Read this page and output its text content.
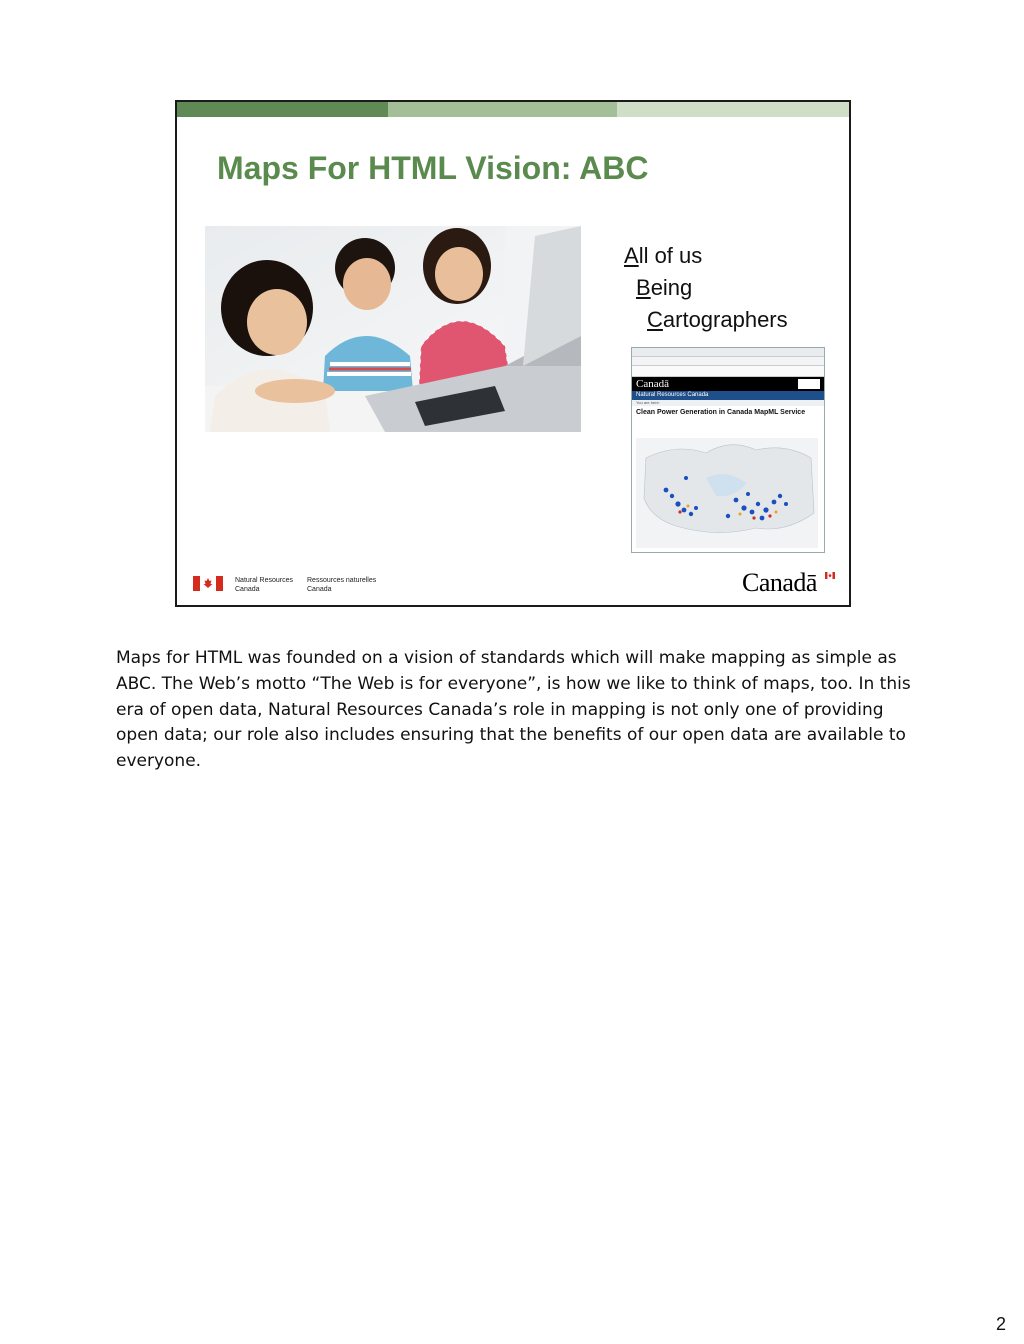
Maps For HTML Vision: ABC
All of us
Being
Cartographers
Canadā
Natural Resources Canada
You are here:
Clean Power Generation in Canada MapML Service
Natural Resources
Canada
Ressources naturelles
Canada	Canadā

Maps for HTML was founded on a vision of standards which will make mapping as simple as ABC. The Web’s motto “The Web is for everyone”, is how we like to think of maps, too. In this era of open data, Natural Resources Canada’s role in mapping is not only one of providing open data; our role also includes ensuring that the benefits of our open data are available to everyone.

2
